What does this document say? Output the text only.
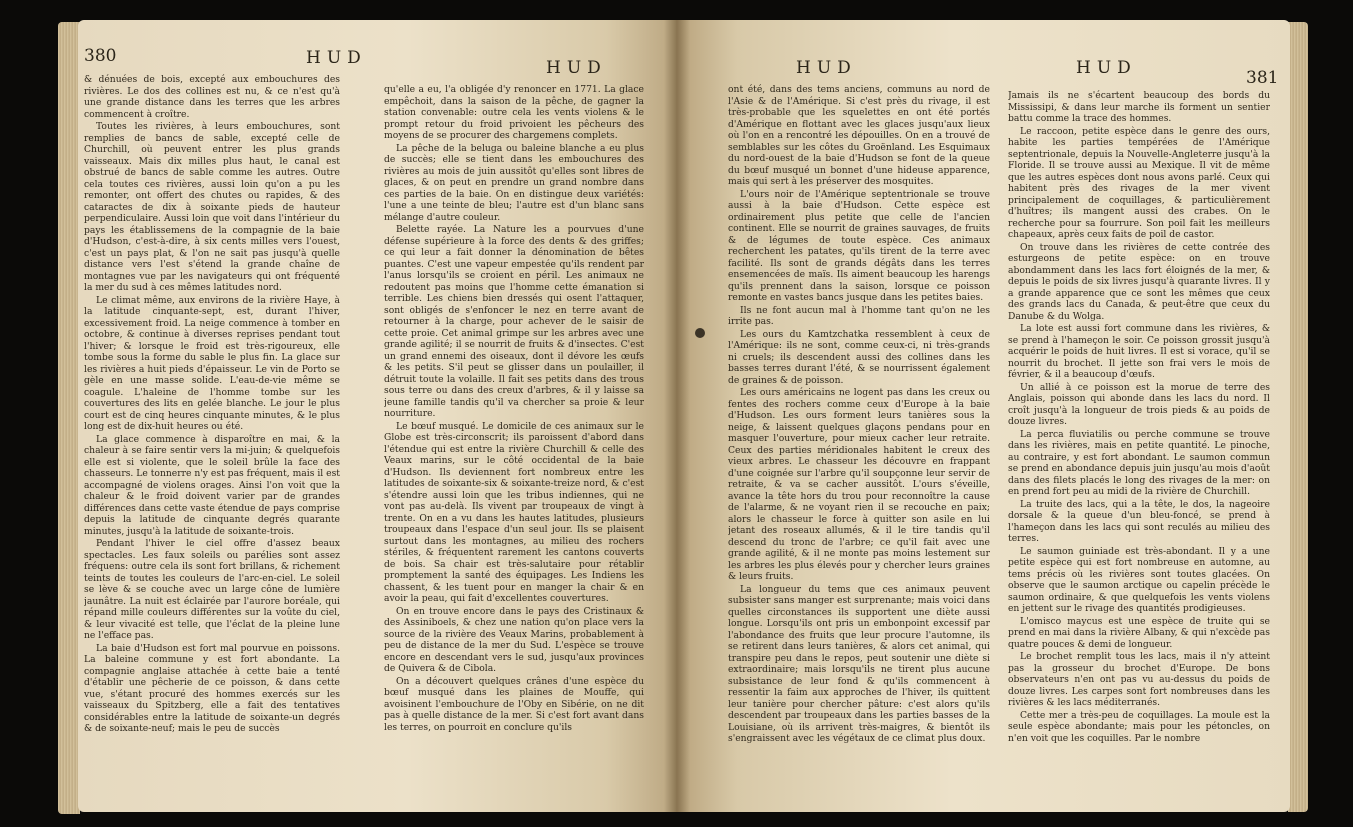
380	HUD

& dénuées de bois, excepté aux embouchures des rivières. Le dos des collines est nu, & ce n'est qu'à une grande distance dans les terres que les arbres commencent à croître.

Toutes les rivières, à leurs embouchures, sont remplies de bancs de sable, excepté celle de Churchill, où peuvent entrer les plus grands vaisseaux. Mais dix milles plus haut, le canal est obstrué de bancs de sable comme les autres. Outre cela toutes ces rivières, aussi loin qu'on a pu les remonter, ont offert des chutes ou rapides, & des cataractes de dix à soixante pieds de hauteur perpendiculaire. Aussi loin que voit dans l'intérieur du pays les établissemens de la compagnie de la baie d'Hudson, c'est-à-dire, à six cents milles vers l'ouest, c'est un pays plat, & l'on ne sait pas jusqu'à quelle distance vers l'est s'étend la grande chaîne de montagnes vue par les navigateurs qui ont fréquenté la mer du sud à ces mêmes latitudes nord.

Le climat même, aux environs de la rivière Haye, à la latitude cinquante-sept, est, durant l'hiver, excessivement froid. La neige commence à tomber en octobre, & continue à diverses reprises pendant tout l'hiver; & lorsque le froid est très-rigoureux, elle tombe sous la forme du sable le plus fin. La glace sur les rivières a huit pieds d'épaisseur. Le vin de Porto se gèle en une masse solide. L'eau-de-vie même se coagule. L'haleine de l'homme tombe sur les couvertures des lits en gelée blanche. Le jour le plus court est de cinq heures cinquante minutes, & le plus long est de dix-huit heures ou été.

La glace commence à disparoître en mai, & la chaleur à se faire sentir vers la mi-juin; & quelquefois elle est si violente, que le soleil brûle la face des chasseurs. Le tonnerre n'y est pas fréquent, mais il est accompagné de violens orages. Ainsi l'on voit que la chaleur & le froid doivent varier par de grandes différences dans cette vaste étendue de pays comprise depuis la latitude de cinquante degrés quarante minutes, jusqu'à la latitude de soixante-trois.

Pendant l'hiver le ciel offre d'assez beaux spectacles. Les faux soleils ou parélies sont assez fréquens: outre cela ils sont fort brillans, & richement teints de toutes les couleurs de l'arc-en-ciel. Le soleil se lève & se couche avec un large cône de lumière jaunâtre. La nuit est éclairée par l'aurore boréale, qui répand mille couleurs différentes sur la voûte du ciel, & leur vivacité est telle, que l'éclat de la pleine lune ne l'efface pas.

La baie d'Hudson est fort mal pourvue en poissons. La baleine commune y est fort abondante. La compagnie anglaise attachée à cette baie a tenté d'établir une pêcherie de ce poisson, & dans cette vue, s'étant procuré des hommes exercés sur les vaisseaux du Spitzberg, elle a fait des tentatives considérables entre la latitude de soixante-un degrés & de soixante-neuf; mais le peu de succès

HUD

qu'elle a eu, l'a obligée d'y renoncer en 1771. La glace empêchoit, dans la saison de la pêche, de gagner la station convenable: outre cela les vents violens & le prompt retour du froid privoient les pêcheurs des moyens de se procurer des chargemens complets.

La pêche de la beluga ou baleine blanche a eu plus de succès; elle se tient dans les embouchures des rivières au mois de juin aussitôt qu'elles sont libres de glaces, & on peut en prendre un grand nombre dans ces parties de la baie. On en distingue deux variétés: l'une a une teinte de bleu; l'autre est d'un blanc sans mélange d'autre couleur.

Belette rayée. La Nature les a pourvues d'une défense supérieure à la force des dents & des griffes; ce qui leur a fait donner la dénomination de bêtes puantes. C'est une vapeur empestée qu'ils rendent par l'anus lorsqu'ils se croient en péril. Les animaux ne redoutent pas moins que l'homme cette émanation si terrible. Les chiens bien dressés qui osent l'attaquer, sont obligés de s'enfoncer le nez en terre avant de retourner à la charge, pour achever de le saisir de cette proie. Cet animal grimpe sur les arbres avec une grande agilité; il se nourrit de fruits & d'insectes. C'est un grand ennemi des oiseaux, dont il dévore les œufs & les petits. S'il peut se glisser dans un poulailler, il détruit toute la volaille. Il fait ses petits dans des trous sous terre ou dans des creux d'arbres, & il y laisse sa jeune famille tandis qu'il va chercher sa proie & leur nourriture.

Le bœuf musqué. Le domicile de ces animaux sur le Globe est très-circonscrit; ils paroissent d'abord dans l'étendue qui est entre la rivière Churchill & celle des Veaux marins, sur le côté occidental de la baie d'Hudson. Ils deviennent fort nombreux entre les latitudes de soixante-six & soixante-treize nord, & c'est s'étendre aussi loin que les tribus indiennes, qui ne vont pas au-delà. Ils vivent par troupeaux de vingt à trente. On en a vu dans les hautes latitudes, plusieurs troupeaux dans l'espace d'un seul jour. Ils se plaisent surtout dans les montagnes, au milieu des rochers stériles, & fréquentent rarement les cantons couverts de bois. Sa chair est très-salutaire pour rétablir promptement la santé des équipages. Les Indiens les chassent, & les tuent pour en manger la chair & en avoir la peau, qui fait d'excellentes couvertures.

On en trouve encore dans le pays des Cristinaux & des Assiniboels, & chez une nation qu'on place vers la source de la rivière des Veaux Marins, probablement à peu de distance de la mer du Sud. L'espèce se trouve encore en descendant vers le sud, jusqu'aux provinces de Quivera & de Cibola.

On a découvert quelques crânes d'une espèce du bœuf musqué dans les plaines de Mouffe, qui avoisinent l'embouchure de l'Oby en Sibérie, on ne dit pas à quelle distance de la mer. Si c'est fort avant dans les terres, on pourroit en conclure qu'ils

HUD	HUD	381

ont été, dans des tems anciens, communs au nord de l'Asie & de l'Amérique. Si c'est près du rivage, il est très-probable que les squelettes en ont été portés d'Amérique en flottant avec les glaces jusqu'aux lieux où l'on en a rencontré les dépouilles. On en a trouvé de semblables sur les côtes du Groënland. Les Esquimaux du nord-ouest de la baie d'Hudson se font de la queue du bœuf musqué un bonnet d'une hideuse apparence, mais qui sert à les préserver des mosquites.

L'ours noir de l'Amérique septentrionale se trouve aussi à la baie d'Hudson. Cette espèce est ordinairement plus petite que celle de l'ancien continent. Elle se nourrit de graines sauvages, de fruits & de légumes de toute espèce. Ces animaux recherchent les patates, qu'ils tirent de la terre avec facilité. Ils sont de grands dégâts dans les terres ensemencées de maïs. Ils aiment beaucoup les harengs qu'ils prennent dans la saison, lorsque ce poisson remonte en vastes bancs jusque dans les petites baies.

Ils ne font aucun mal à l'homme tant qu'on ne les irrite pas.

Les ours du Kamtzchatka ressemblent à ceux de l'Amérique: ils ne sont, comme ceux-ci, ni très-grands ni cruels; ils descendent aussi des collines dans les basses terres durant l'été, & se nourrissent également de graines & de poisson.

Les ours américains ne logent pas dans les creux ou fentes des rochers comme ceux d'Europe à la baie d'Hudson. Les ours forment leurs tanières sous la neige, & laissent quelques glaçons pendans pour en masquer l'ouverture, pour mieux cacher leur retraite. Ceux des parties méridionales habitent le creux des vieux arbres. Le chasseur les découvre en frappant d'une coignée sur l'arbre qu'il soupçonne leur servir de retraite, & va se cacher aussitôt. L'ours s'éveille, avance la tête hors du trou pour reconnoître la cause de l'alarme, & ne voyant rien il se recouche en paix; alors le chasseur le force à quitter son asile en lui jetant des roseaux allumés, & il le tire tandis qu'il descend du tronc de l'arbre; ce qu'il fait avec une grande agilité, & il ne monte pas moins lestement sur les arbres les plus élevés pour y chercher leurs graines & leurs fruits.

La longueur du tems que ces animaux peuvent subsister sans manger est surprenante; mais voici dans quelles circonstances ils supportent une diète aussi longue. Lorsqu'ils ont pris un embonpoint excessif par l'abondance des fruits que leur procure l'automne, ils se retirent dans leurs tanières, & alors cet animal, qui transpire peu dans le repos, peut soutenir une diète si extraordinaire; mais lorsqu'ils ne tirent plus aucune subsistance de leur fond & qu'ils commencent à ressentir la faim aux approches de l'hiver, ils quittent leur tanière pour chercher pâture: c'est alors qu'ils descendent par troupeaux dans les parties basses de la Louisiane, où ils arrivent très-maigres, & bientôt ils s'engraissent avec les végétaux de ce climat plus doux.

Jamais ils ne s'écartent beaucoup des bords du Mississipi, & dans leur marche ils forment un sentier battu comme la trace des hommes.

Le raccoon, petite espèce dans le genre des ours, habite les parties tempérées de l'Amérique septentrionale, depuis la Nouvelle-Angleterre jusqu'à la Floride. Il se trouve aussi au Mexique. Il vit de même que les autres espèces dont nous avons parlé. Ceux qui habitent près des rivages de la mer vivent principalement de coquillages, & particulièrement d'huîtres; ils mangent aussi des crabes. On le recherche pour sa fourrure. Son poil fait les meilleurs chapeaux, après ceux faits de poil de castor.

On trouve dans les rivières de cette contrée des esturgeons de petite espèce: on en trouve abondamment dans les lacs fort éloignés de la mer, & depuis le poids de six livres jusqu'à quarante livres. Il y a grande apparence que ce sont les mêmes que ceux des grands lacs du Canada, & peut-être que ceux du Danube & du Wolga.

La lote est aussi fort commune dans les rivières, & se prend à l'hameçon le soir. Ce poisson grossit jusqu'à acquérir le poids de huit livres. Il est si vorace, qu'il se nourrit du brochet. Il jette son frai vers le mois de février, & il a beaucoup d'œufs.

Un allié à ce poisson est la morue de terre des Anglais, poisson qui abonde dans les lacs du nord. Il croît jusqu'à la longueur de trois pieds & au poids de douze livres.

La perca fluviatilis ou perche commune se trouve dans les rivières, mais en petite quantité. Le pinoche, au contraire, y est fort abondant. Le saumon commun se prend en abondance depuis juin jusqu'au mois d'août dans des filets placés le long des rivages de la mer: on en prend fort peu au midi de la rivière de Churchill.

La truite des lacs, qui a la tête, le dos, la nageoire dorsale & la queue d'un bleu-foncé, se prend à l'hameçon dans les lacs qui sont reculés au milieu des terres.

Le saumon guiniade est très-abondant. Il y a une petite espèce qui est fort nombreuse en automne, au tems précis où les rivières sont toutes glacées. On observe que le saumon arctique ou capelin précède le saumon ordinaire, & que quelquefois les vents violens en jettent sur le rivage des quantités prodigieuses.

L'omisco maycus est une espèce de truite qui se prend en mai dans la rivière Albany, & qui n'excède pas quatre pouces & demi de longueur.

Le brochet remplit tous les lacs, mais il n'y atteint pas la grosseur du brochet d'Europe. De bons observateurs n'en ont pas vu au-dessus du poids de douze livres. Les carpes sont fort nombreuses dans les rivières & les lacs méditerranés.

Cette mer a très-peu de coquillages. La moule est la seule espèce abondante; mais pour les pétoncles, on n'en voit que les coquilles. Par le nombre
